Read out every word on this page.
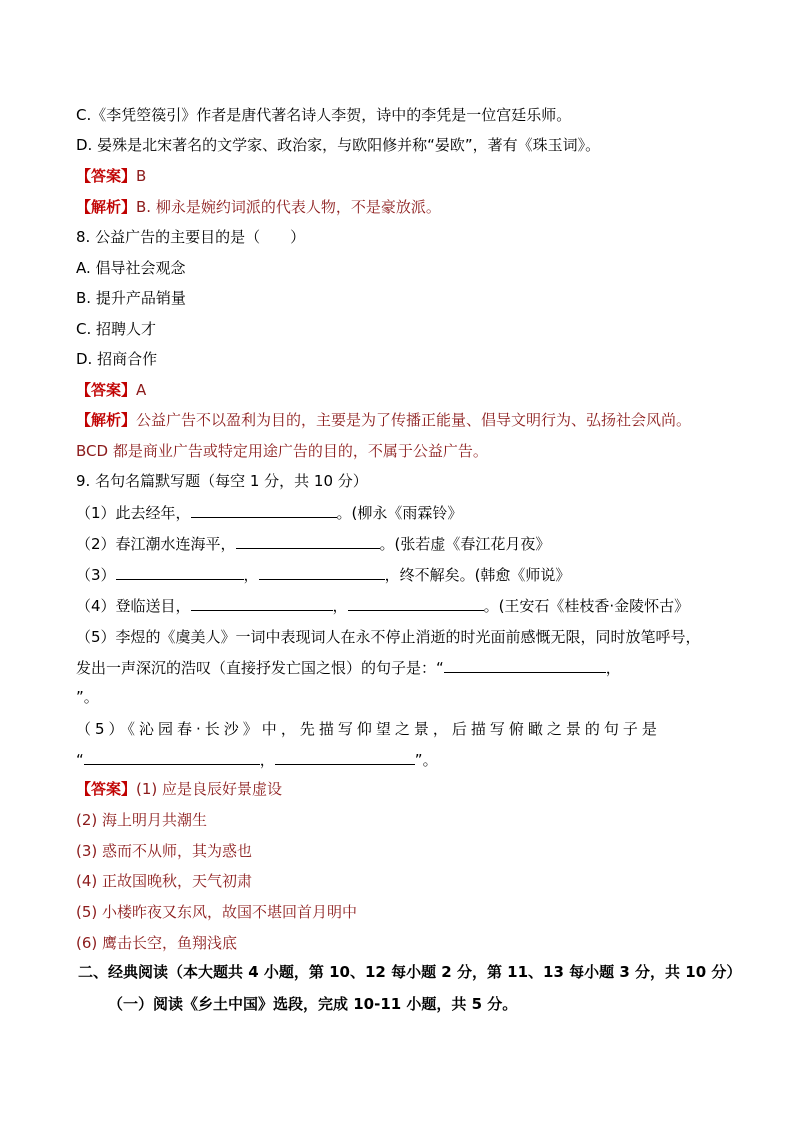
C.《李凭箜篌引》作者是唐代著名诗人李贺，诗中的李凭是一位宫廷乐师。
D. 晏殊是北宋著名的文学家、政治家，与欧阳修并称“晏欧”，著有《珠玉词》。
【答案】B
【解析】B. 柳永是婉约词派的代表人物，不是豪放派。
8. 公益广告的主要目的是（　　）
A. 倡导社会观念
B. 提升产品销量
C. 招聘人才
D. 招商合作
【答案】A
【解析】公益广告不以盈利为目的，主要是为了传播正能量、倡导文明行为、弘扬社会风尚。
BCD 都是商业广告或特定用途广告的目的，不属于公益广告。
9. 名句名篇默写题（每空 1 分，共 10 分）
（1）此去经年，	。(柳永《雨霖铃》
（2）春江潮水连海平，	。(张若虚《春江花月夜》
（3）	，	，终不解矣。(韩愈《师说》
（4）登临送目，	，	。(王安石《桂枝香·金陵怀古》
（5）李煜的《虞美人》一词中表现词人在永不停止消逝的时光面前感慨无限，同时放笔呼号，
发出一声深沉的浩叹（直接抒发亡国之恨）的句子是：“	，
”。
（5）《沁园春·长沙》中，先描写仰望之景，后描写俯瞰之景的句子是
“	，	”。
【答案】(1) 应是良辰好景虚设
(2) 海上明月共潮生
(3) 惑而不从师，其为惑也
(4) 正故国晚秋，天气初肃
(5) 小楼昨夜又东风，故国不堪回首月明中
(6) 鹰击长空，鱼翔浅底
二、经典阅读（本大题共 4 小题，第 10、12 每小题 2 分，第 11、13 每小题 3 分，共 10 分）
（一）阅读《乡土中国》选段，完成 10-11 小题，共 5 分。
